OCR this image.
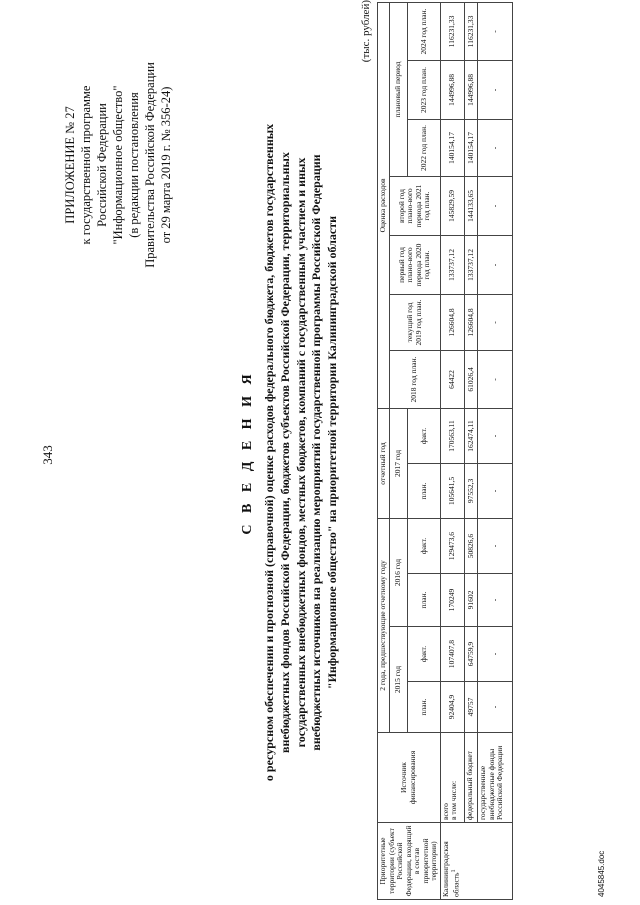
343
ПРИЛОЖЕНИЕ № 27 к государственной программе Российской Федерации "Информационное общество" (в редакции постановления Правительства Российской Федерации от 29 марта 2019 г. № 356-24)
С В Е Д Е Н И Я о ресурсном обеспечении и прогнозной (справочной) оценке расходов федерального бюджета, бюджетов государственных внебюджетных фондов Российской Федерации, бюджетов субъектов Российской Федерации, территориальных государственных внебюджетных фондов, местных бюджетов, компаний с государственным участием и иных внебюджетных источников на реализацию мероприятий государственной программы Российской Федерации "Информационное общество" на приоритетной территории Калининградской области
(тыс. рублей)
Приоритетные территории (субъект Российской Федерации, входящий в состав приоритетной территории)	Источник финансирования	2 года, предшествующие отчетному году				отчетный год		Оценка расходов						
		2015 год		2016 год		2017 год		2018 год план.	текущий год 2019 год план.	первый год плано-вого периода 2020 год план.	второй год плано-вого периода 2021 год план.	плановый период		
		план.	факт.	план.	факт.	план.	факт.					2022 год план.	2023 год план.	2024 год план.

Калининградская область$^1$	всего в том числе:	92404,9	107407,8	170249	129473,6	105641,5	170563,11	64422	126604,8	133737,12	145829,59	140154,17	144996,88	116231,33
	федеральный бюджет	49757	64759,9	91602	50826,6	97552,3	162474,11	61026,4	126604,8	133737,12	144133,65	140154,17	144996,88	116231,33
	государственные внебюджетные фонды Российской Федерации	-	-	-	-	-	-	-	-	-	-	-	-	-
4045845.doc
